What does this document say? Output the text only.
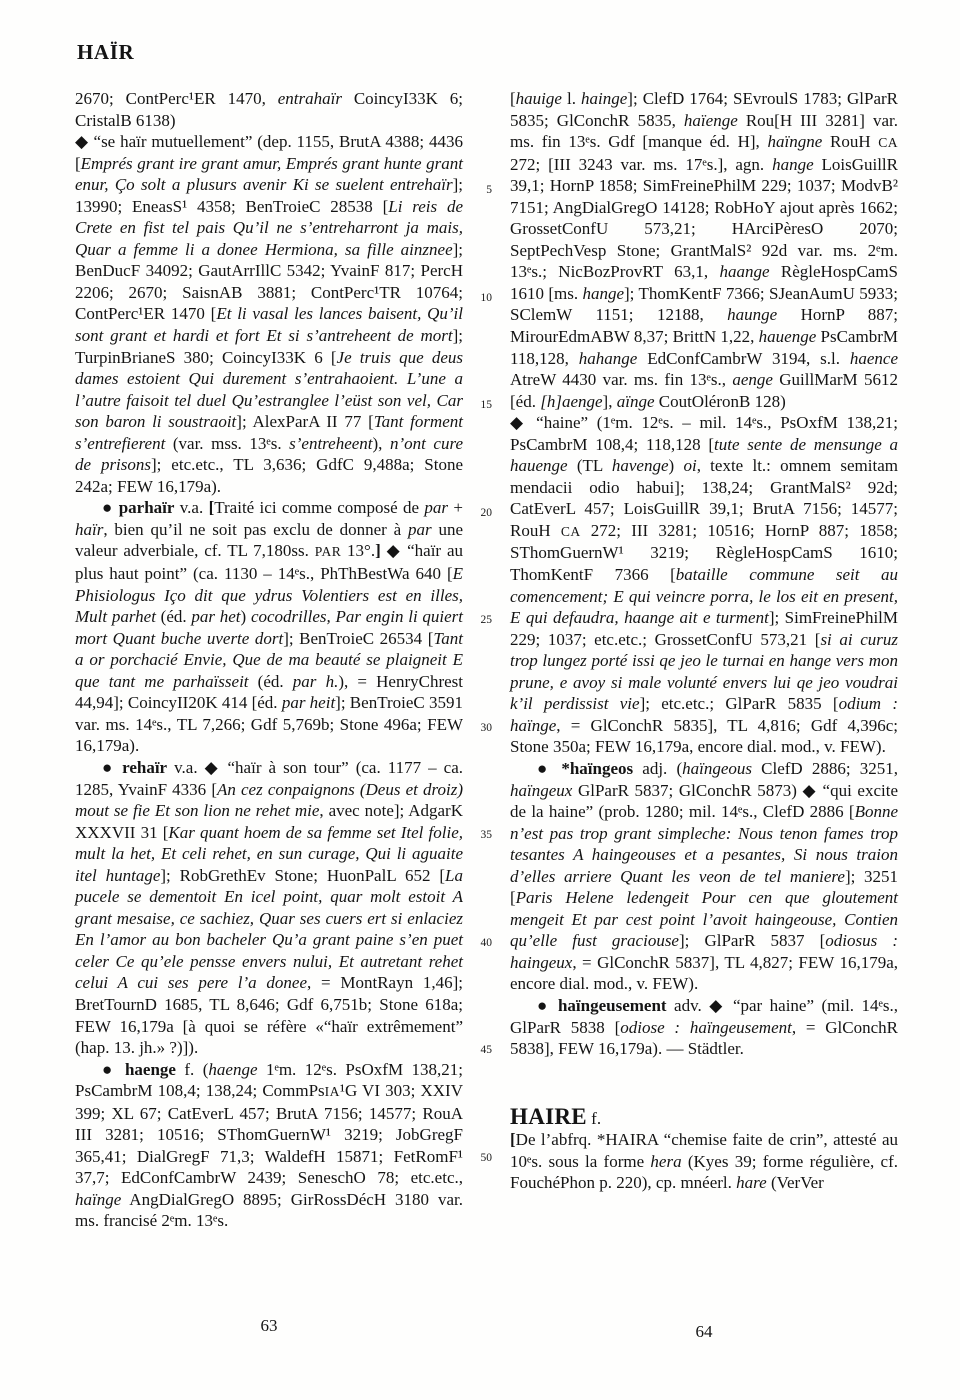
HAÏR

2670; ContPerc¹ER 1470, entrahaïr CoincyI33K 6; CristalB 6138)

◆ “se haïr mutuellement” (dep. 1155, BrutA 4388; 4436 [Emprés grant ire grant amur, Emprés grant hunte grant enur, Ço solt a plusurs avenir Ki se suelent entrehaïr]; 13990; EneasS¹ 4358; BenTroieC 28538 [Li reis de Crete en fist tel pais Qu’il ne s’entreharront ja mais, Quar a femme li a donee Hermiona, sa fille ainznee]; BenDucF 34092; GautArrIllC 5342; YvainF 817; PercH 2206; 2670; SaisnAB 3881; ContPerc¹TR 10764; ContPerc¹ER 1470 [Et li vasal les lances baisent, Qu’il sont grant et hardi et fort Et si s’antreheent de mort]; TurpinBrianeS 380; CoincyI33K 6 [Je truis que deus dames estoient Qui durement s’entrahaoient. L’une a l’autre faisoit tel duel Qu’estranglee l’eüst son vel, Car son baron li soustraoit]; AlexParA II 77 [Tant forment s’entrefierent (var. mss. 13ᵉs. s’entreheent), n’ont cure de prisons]; etc.etc., TL 3,636; GdfC 9,488a; Stone 242a; FEW 16,179a).

● parhaïr v.a. [Traité ici comme composé de par + haïr, bien qu’il ne soit pas exclu de donner à par une valeur adverbiale, cf. TL 7,180ss. PAR 13°.] ◆ “haïr au plus haut point” (ca. 1130 – 14ᵉs., PhThBestWa 640 [E Phisiologus Iço dit que ydrus Volentiers est en illes, Mult parhet (éd. par het) cocodrilles, Par engin li quiert mort Quant buche uverte dort]; BenTroieC 26534 [Tant a or porchacié Envie, Que de ma beauté se plaigneit E que tant me parhaïsseit (éd. par h.), = HenryChrest 44,94]; CoincyII20K 414 [éd. par heit]; BenTroieC 3591 var. ms. 14ᵉs., TL 7,266; Gdf 5,769b; Stone 496a; FEW 16,179a).

● rehaïr v.a. ◆ “haïr à son tour” (ca. 1177 – ca. 1285, YvainF 4336 [An cez conpaignons (Deus et droiz) mout se fie Et son lion ne rehet mie, avec note]; AdgarK XXXVII 31 [Kar quant hoem de sa femme set Itel folie, mult la het, Et celi rehet, en sun curage, Qui li aguaite itel huntage]; RobGrethEv Stone; HuonPalL 652 [La pucele se dementoit En icel point, quar molt estoit A grant mesaise, ce sachiez, Quar ses cuers ert si enlaciez En l’amor au bon bacheler Qu’a grant paine s’en puet celer Ce qu’ele pensse envers nului, Et autretant rehet celui A cui ses pere l’a donee, = MontRayn 1,46]; BretTournD 1685, TL 8,646; Gdf 6,751b; Stone 618a; FEW 16,179a [à quoi se réfère «“haïr extrêmement” (hap. 13. jh.» ?)]).

● haenge f. (haenge 1ᵉm. 12ᵉs. PsOxfM 138,21; PsCambrM 108,4; 138,24; CommPsIA¹G VI 303; XXIV 399; XL 67; CatEverL 457; BrutA 7156; 14577; RouA III 3281; 10516; SThomGuernW¹ 3219; JobGregF 365,41; DialGregF 71,3; WaldefH 15871; FetRomF¹ 37,7; EdConfCambrW 2439; SeneschO 78; etc.etc., haïnge AngDialGregO 8895; GirRossDécH 3180 var. ms. francisé 2ᵉm. 13ᵉs.

[hauige l. hainge]; ClefD 1764; SEvroulS 1783; GlParR 5835; GlConchR 5835, haïenge Rou[H III 3281] var. ms. fin 13ᵉs. Gdf [manque éd. H], haïngne RouH CA 272; [III 3243 var. ms. 17ᵉs.], agn. hange LoisGuillR 39,1; HornP 1858; SimFreinePhilM 229; 1037; ModvB² 7151; AngDialGregO 14128; RobHoY ajout après 1662; GrossetConfU 573,21; HArciPèresO 2070; SeptPechVesp Stone; GrantMalS² 92d var. ms. 2ᵉm. 13ᵉs.; NicBozProvRT 63,1, haange RègleHospCamS 1610 [ms. hange]; ThomKentF 7366; SJeanAumU 5933; SClemW 1151; 12188, haunge HornP 887; MirourEdmABW 8,37; BrittN 1,22, hauenge PsCambrM 118,128, hahange EdConfCambrW 3194, s.l. haence AtreW 4430 var. ms. fin 13ᵉs., aenge GuillMarM 5612 [éd. [h]aenge], aïnge CoutOléronB 128)

◆ “haine” (1ᵉm. 12ᵉs. – mil. 14ᵉs., PsOxfM 138,21; PsCambrM 108,4; 118,128 [tute sente de mensunge a hauenge (TL havenge) oi, texte lt.: omnem semitam mendacii odio habui]; 138,24; GrantMalS² 92d; CatEverL 457; LoisGuillR 39,1; BrutA 7156; 14577; RouH CA 272; III 3281; 10516; HornP 887; 1858; SThomGuernW¹ 3219; RègleHospCamS 1610; ThomKentF 7366 [bataille commune seit au comencement; E qui veincre porra, le los eit en present, E qui defaudra, haange ait e turment]; SimFreinePhilM 229; 1037; etc.etc.; GrossetConfU 573,21 [si ai curuz trop lungez porté issi qe jeo le turnai en hange vers mon prune, e avoy si male volunté envers lui qe jeo voudrai k’il perdissist vie]; etc.etc.; GlParR 5835 [odium : haïnge, = GlConchR 5835], TL 4,816; Gdf 4,396c; Stone 350a; FEW 16,179a, encore dial. mod., v. FEW).

● *haïngeos adj. (haïngeous ClefD 2886; 3251, haïngeux GlParR 5837; GlConchR 5873) ◆ “qui excite de la haine” (prob. 1280; mil. 14ᵉs., ClefD 2886 [Bonne n’est pas trop grant simpleche: Nous tenon fames trop tesantes A haingeouses et a pesantes, Si nous traion d’elles arriere Quant les veon de tel maniere]; 3251 [Paris Helene ledengeit Pour cen que gloutement mengeit Et par cest point l’avoit haingeouse, Contien qu’elle fust graciouse]; GlParR 5837 [odiosus : haingeux, = GlConchR 5837], TL 4,827; FEW 16,179a, encore dial. mod., v. FEW).

● haïngeusement adv. ◆ “par haine” (mil. 14ᵉs., GlParR 5838 [odiose : haïngeusement, = GlConchR 5838], FEW 16,179a). — Städtler.

HAIRE f.

[De l’abfrq. *HAIRA “chemise faite de crin”, attesté au 10ᵉs. sous la forme hera (Kyes 39; forme régulière, cf. FouchéPhon p. 220), cp. mnéerl. hare (VerVer

5
10
15
20
25
30
35
40
45
50
63	64
